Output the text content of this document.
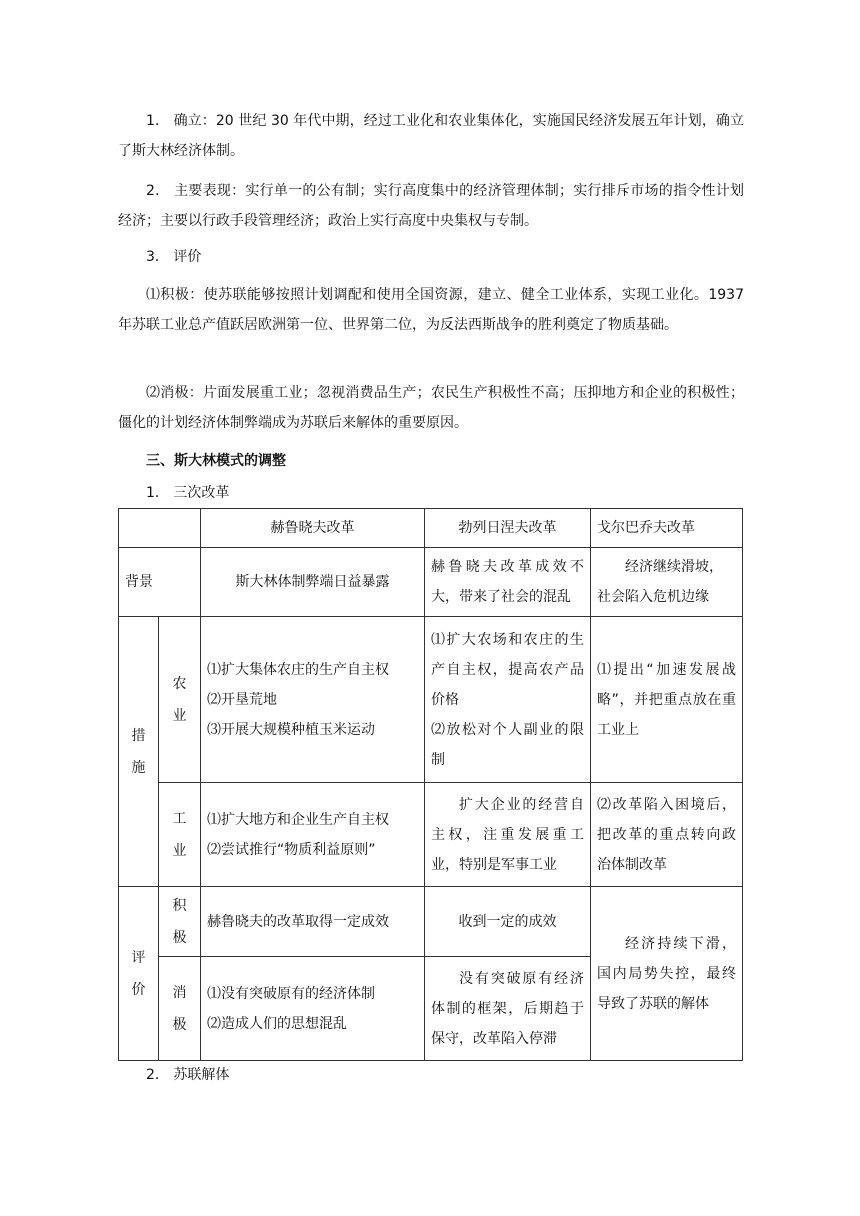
1． 确立：20 世纪 30 年代中期，经过工业化和农业集体化，实施国民经济发展五年计划，确立了斯大林经济体制。

2． 主要表现：实行单一的公有制；实行高度集中的经济管理体制；实行排斥市场的指令性计划经济；主要以行政手段管理经济；政治上实行高度中央集权与专制。

3． 评价

⑴积极：使苏联能够按照计划调配和使用全国资源，建立、健全工业体系，实现工业化。1937 年苏联工业总产值跃居欧洲第一位、世界第二位，为反法西斯战争的胜利奠定了物质基础。

⑵消极：片面发展重工业；忽视消费品生产；农民生产积极性不高；压抑地方和企业的积极性；僵化的计划经济体制弊端成为苏联后来解体的重要原因。

三、斯大林模式的调整

1． 三次改革

		赫鲁晓夫改革	勃列日涅夫改革	戈尔巴乔夫改革
背景		斯大林体制弊端日益暴露	赫鲁晓夫改革成效不大，带来了社会的混乱	经济继续滑坡，社会陷入危机边缘

措
施	农
业	⑴扩大集体农庄的生产自主权
⑵开垦荒地
⑶开展大规模种植玉米运动	⑴扩大农场和农庄的生产自主权，提高农产品价格
⑵放松对个人副业的限制	⑴提出“加速发展战略”，并把重点放在重工业上

	工
业	⑴扩大地方和企业生产自主权
⑵尝试推行“物质利益原则”	扩大企业的经营自主权，注重发展重工业，特别是军事工业	⑵改革陷入困境后，把改革的重点转向政治体制改革

评
价	积
极	赫鲁晓夫的改革取得一定成效	收到一定的成效	经济持续下滑，国内局势失控，最终导致了苏联的解体

	消
极	⑴没有突破原有的经济体制
⑵造成人们的思想混乱	没有突破原有经济体制的框架，后期趋于保守，改革陷入停滞	

2． 苏联解体
